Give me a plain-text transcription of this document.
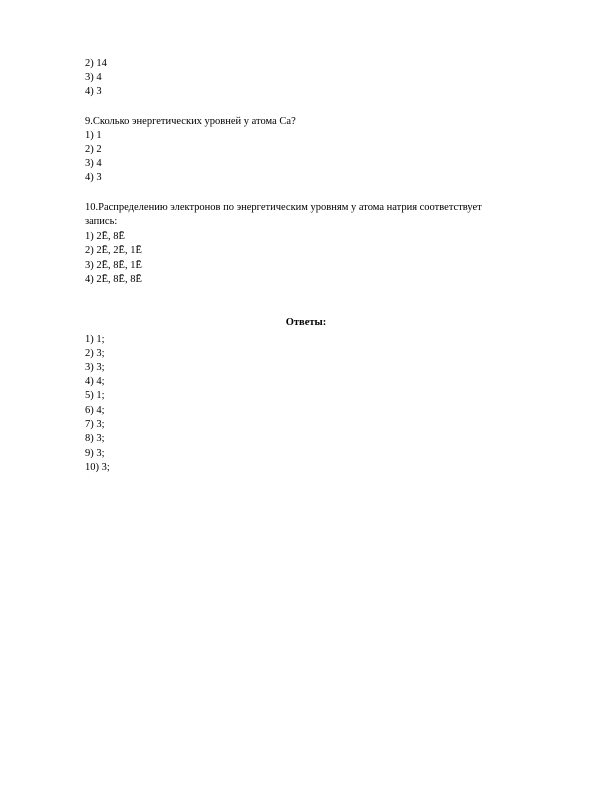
2) 14
3) 4
4) 3
9.Сколько энергетических уровней у атома Ca?
1) 1
2) 2
3) 4
4) 3
10.Распределению электронов по энергетическим уровням у атома натрия соответствует
запись:
1) 2Ē, 8Ē
2) 2Ē, 2Ē, 1Ē
3) 2Ē, 8Ē, 1Ē
4) 2Ē, 8Ē, 8Ē
Ответы:
1) 1;
2) 3;
3) 3;
4) 4;
5) 1;
6) 4;
7) 3;
8) 3;
9) 3;
10) 3;
